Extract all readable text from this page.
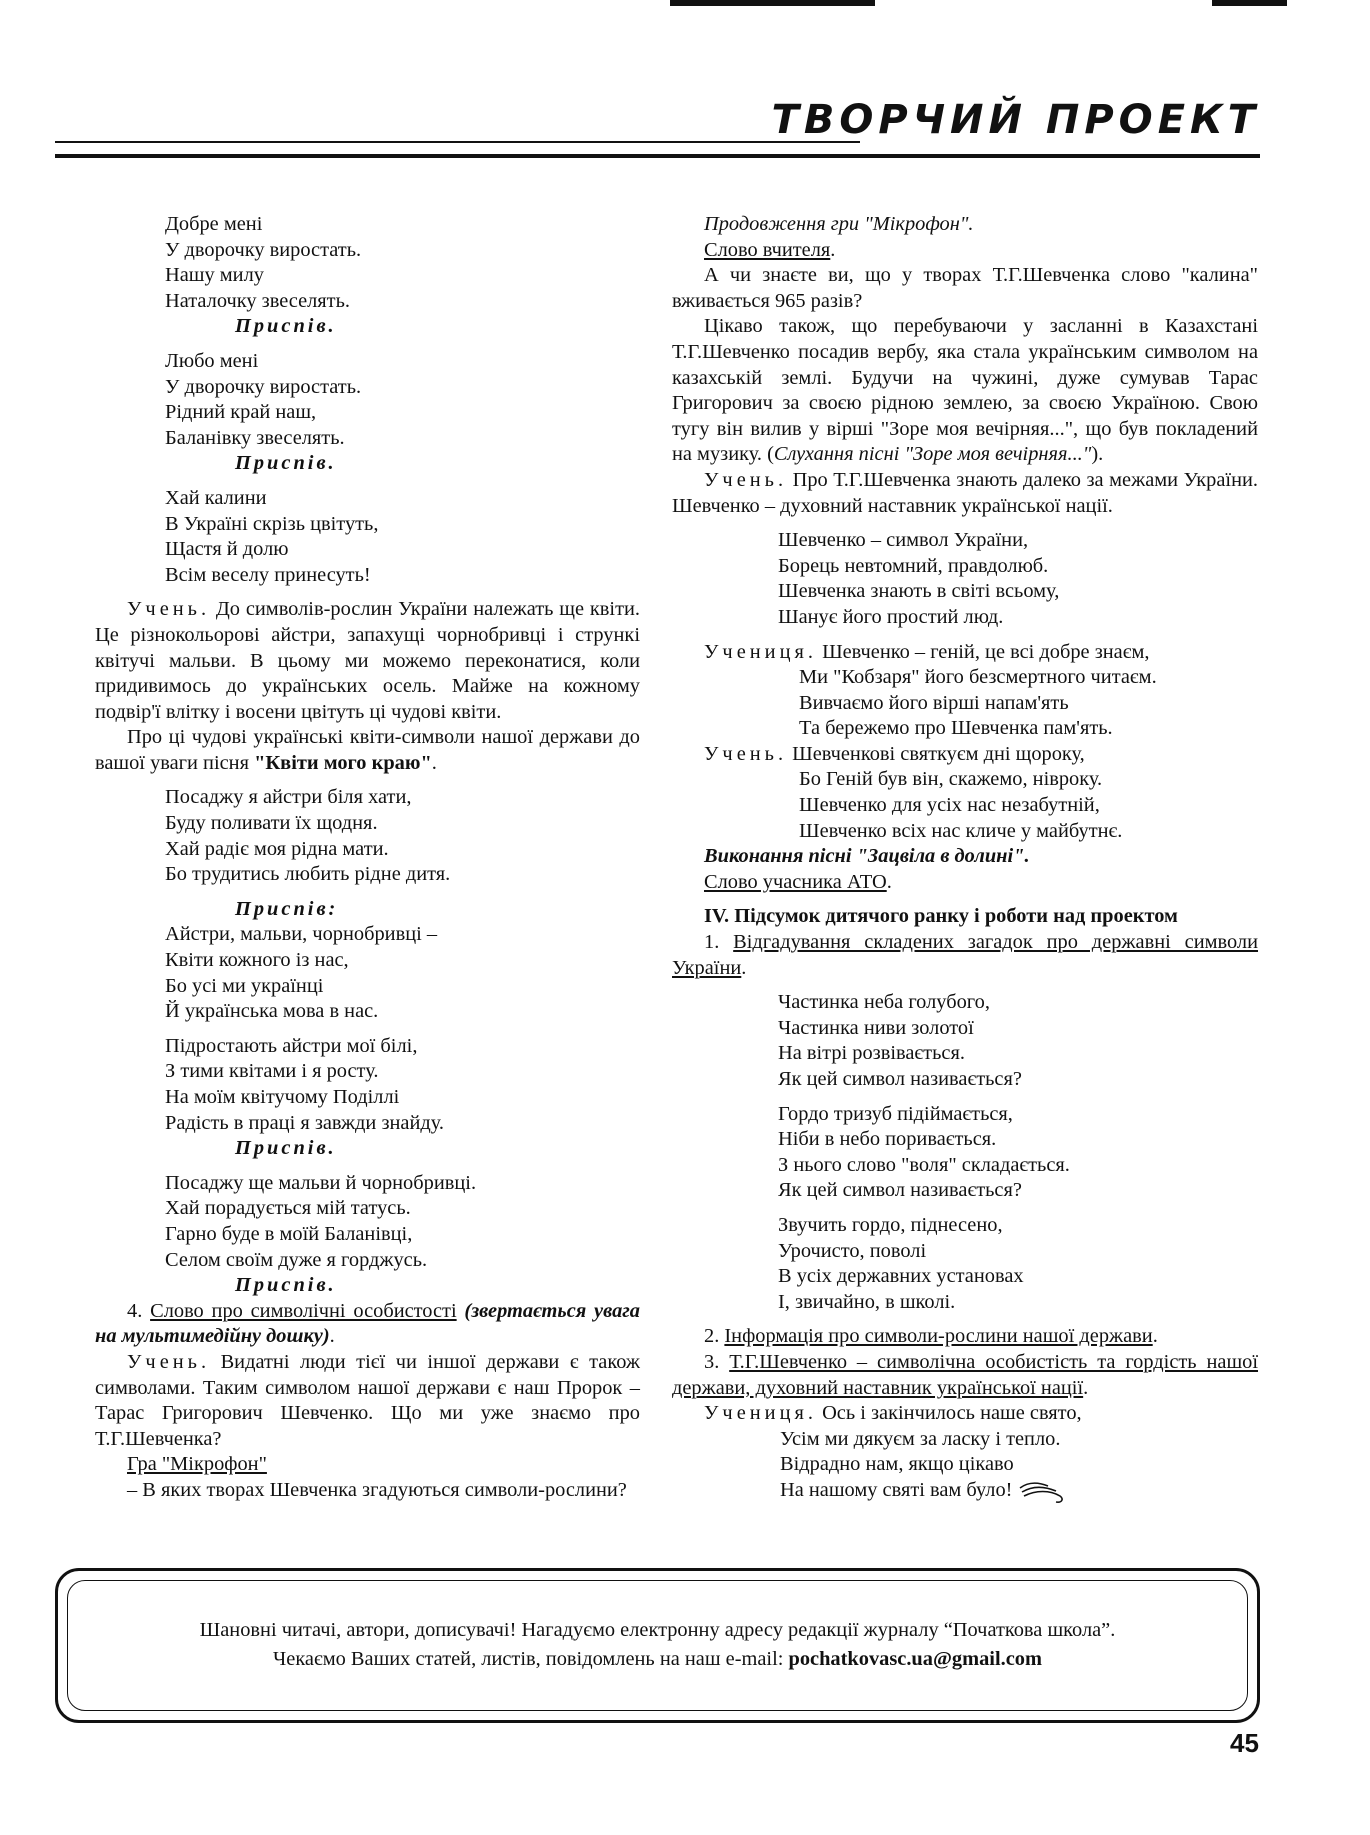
ТВОРЧИЙ ПРОЕКТ

Добре мені

У дворочку виростать.

Нашу милу

Наталочку звеселять.

Приспів.

Любо мені

У дворочку виростать.

Рідний край наш,

Баланівку звеселять.

Приспів.

Хай калини

В Україні скрізь цвітуть,

Щастя й долю

Всім веселу принесуть!

Учень. До символів-рослин України належать ще квіти. Це різнокольорові айстри, запахущі чорнобривці і стрункі квітучі мальви. В цьому ми можемо переконатися, коли придивимось до українських осель. Майже на кожному подвір'ї влітку і восени цвітуть ці чудові квіти.

Про ці чудові українські квіти-символи нашої держави до вашої уваги пісня "Квіти мого краю".

Посаджу я айстри біля хати,

Буду поливати їх щодня.

Хай радіє моя рідна мати.

Бо трудитись любить рідне дитя.

Приспів:

Айстри, мальви, чорнобривці –

Квіти кожного із нас,

Бо усі ми українці

Й українська мова в нас.

Підростають айстри мої білі,

З тими квітами і я росту.

На моїм квітучому Поділлі

Радість в праці я завжди знайду.

Приспів.

Посаджу ще мальви й чорнобривці.

Хай порадується мій татусь.

Гарно буде в моїй Баланівці,

Селом своїм дуже я горджусь.

Приспів.

4. Слово про символічні особистості (звертається увага на мультимедійну дошку).

Учень. Видатні люди тієї чи іншої держави є також символами. Таким символом нашої держави є наш Пророк – Тарас Григорович Шевченко. Що ми уже знаємо про Т.Г.Шевченка?

Гра "Мікрофон"

– В яких творах Шевченка згадуються символи-рослини?

Продовження гри "Мікрофон".

Слово вчителя.

А чи знаєте ви, що у творах Т.Г.Шевченка слово "калина" вживається 965 разів?

Цікаво також, що перебуваючи у засланні в Казахстані Т.Г.Шевченко посадив вербу, яка стала українським символом на казахській землі. Будучи на чужині, дуже сумував Тарас Григорович за своєю рідною землею, за своєю Україною. Свою тугу він вилив у вірші "Зоре моя вечірняя...", що був покладений на музику. (Слухання пісні "Зоре моя вечірняя...").

Учень. Про Т.Г.Шевченка знають далеко за межами України. Шевченко – духовний наставник української нації.

Шевченко – символ України,

Борець невтомний, правдолюб.

Шевченка знають в світі всьому,

Шанує його простий люд.

Учениця. Шевченко – геній, це всі добре знаєм,

Ми "Кобзаря" його безсмертного читаєм.

Вивчаємо його вірші напам'ять

Та бережемо про Шевченка пам'ять.

Учень. Шевченкові святкуєм дні щороку,

Бо Геній був він, скажемо, нівроку.

Шевченко для усіх нас незабутній,

Шевченко всіх нас кличе у майбутнє.

Виконання пісні "Зацвіла в долині".

Слово учасника АТО.

IV. Підсумок дитячого ранку і роботи над проектом

1. Відгадування складених загадок про державні символи України.

Частинка неба голубого,

Частинка ниви золотої

На вітрі розвівається.

Як цей символ називається?

Гордо тризуб підіймається,

Ніби в небо поривається.

З нього слово "воля" складається.

Як цей символ називається?

Звучить гордо, піднесено,

Урочисто, поволі

В усіх державних установах

І, звичайно, в школі.

2. Інформація про символи-рослини нашої держави.

3. Т.Г.Шевченко – символічна особистість та гордість нашої держави, духовний наставник української нації.

Учениця. Ось і закінчилось наше свято,

Усім ми дякуєм за ласку і тепло.

Відрадно нам, якщо цікаво

На нашому святі вам було!

Шановні читачі, автори, дописувачі! Нагадуємо електронну адресу редакції журналу “Початкова школа”.
Чекаємо Ваших статей, листів, повідомлень на наш e-mail: pochatkovasc.ua@gmail.com
45
